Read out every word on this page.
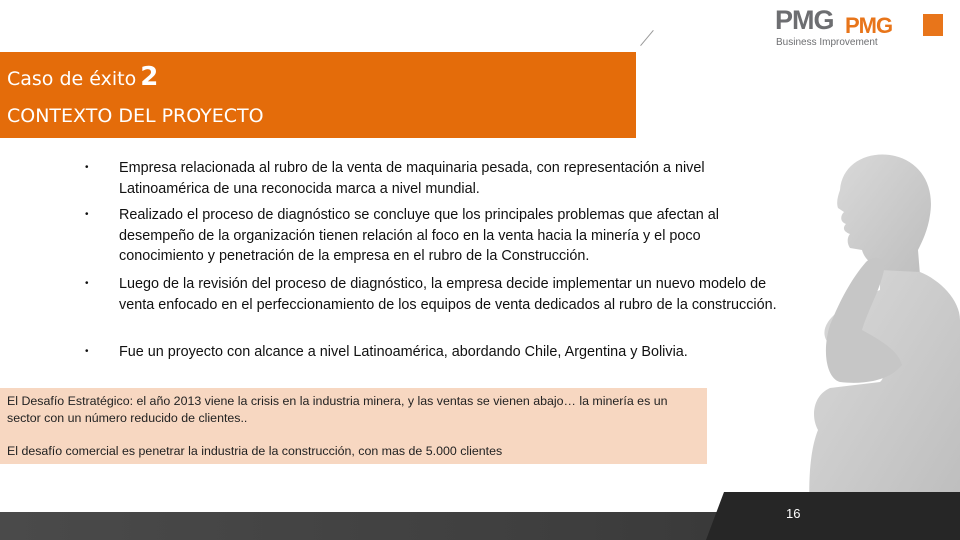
PMG PMG
Business Improvement
Caso de éxito 2
CONTEXTO DEL PROYECTO
•	Empresa relacionada al rubro de la venta de maquinaria pesada, con representación a nivel Latinoamérica de una reconocida marca a nivel mundial.
•	Realizado el proceso de diagnóstico se concluye que los principales problemas que afectan al desempeño de la organización tienen relación al foco en la venta hacia la minería y el poco conocimiento y penetración de la empresa en el rubro de la Construcción.
•	Luego de la revisión del proceso de diagnóstico, la empresa decide implementar un nuevo modelo de venta enfocado en el perfeccionamiento de los equipos de venta dedicados al rubro de la construcción.
•	Fue un proyecto con alcance a nivel Latinoamérica, abordando Chile, Argentina y Bolivia.
El Desafío Estratégico: el año 2013 viene la crisis en la industria minera, y las ventas se vienen abajo… la minería es un sector con un número reducido de clientes..
El desafío comercial es penetrar la industria de la construcción, con mas de 5.000 clientes
16
